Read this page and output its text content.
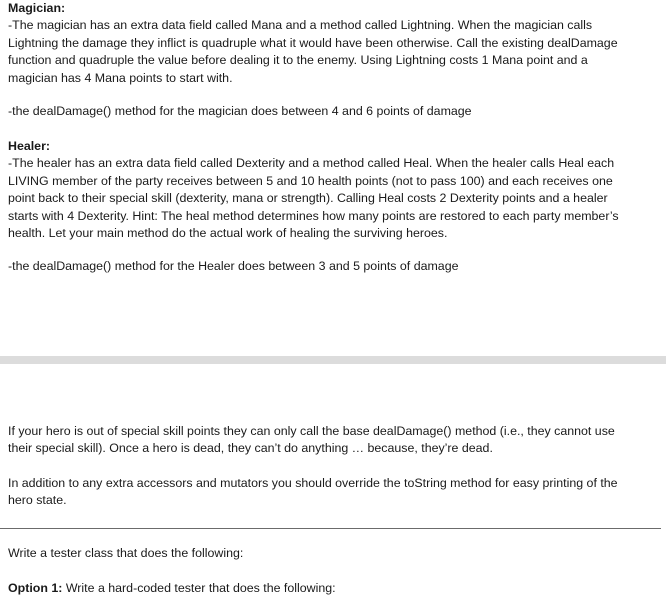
Magician:
-The magician has an extra data field called Mana and a method called Lightning. When the magician calls
Lightning the damage they inflict is quadruple what it would have been otherwise. Call the existing dealDamage
function and quadruple the value before dealing it to the enemy. Using Lightning costs 1 Mana point and a
magician has 4 Mana points to start with.
-the dealDamage() method for the magician does between 4 and 6 points of damage
Healer:
-The healer has an extra data field called Dexterity and a method called Heal. When the healer calls Heal each
LIVING member of the party receives between 5 and 10 health points (not to pass 100) and each receives one
point back to their special skill (dexterity, mana or strength). Calling Heal costs 2 Dexterity points and a healer
starts with 4 Dexterity. Hint: The heal method determines how many points are restored to each party member’s
health. Let your main method do the actual work of healing the surviving heroes.
-the dealDamage() method for the Healer does between 3 and 5 points of damage
If your hero is out of special skill points they can only call the base dealDamage() method (i.e., they cannot use
their special skill). Once a hero is dead, they can’t do anything … because, they’re dead.
In addition to any extra accessors and mutators you should override the toString method for easy printing of the
hero state.
Write a tester class that does the following:
Option 1: Write a hard-coded tester that does the following:
